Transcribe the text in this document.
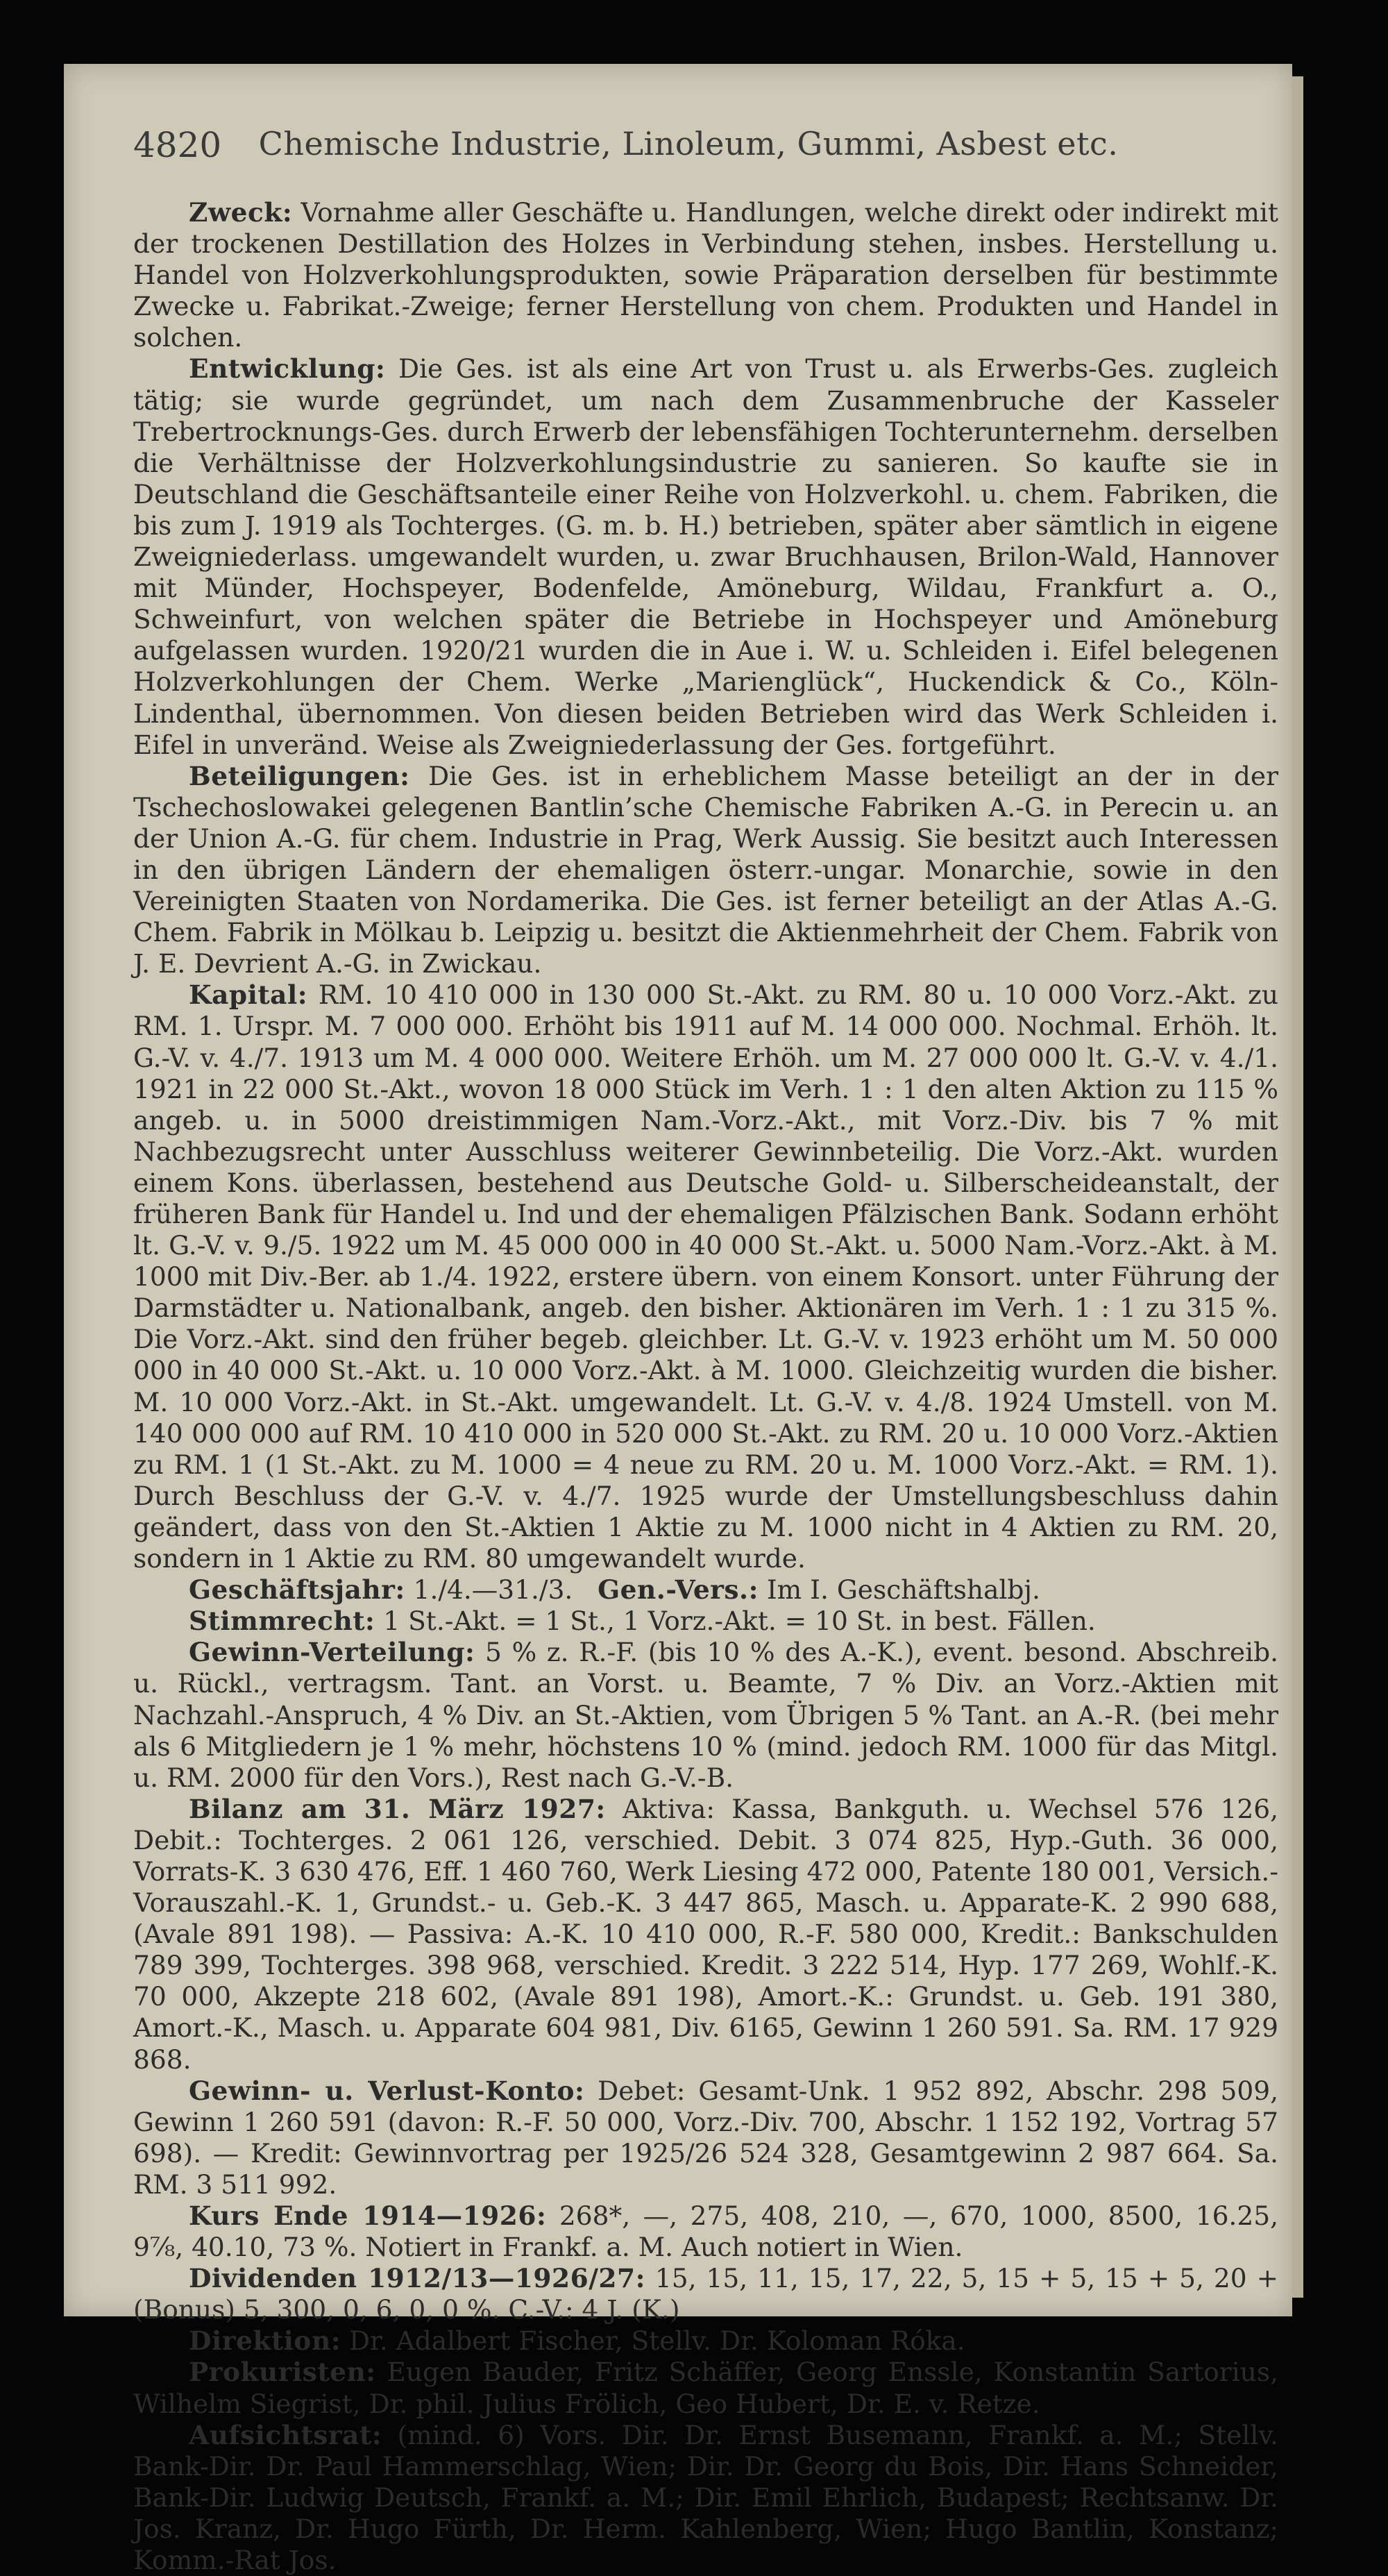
4820	Chemische Industrie, Linoleum, Gummi, Asbest etc.

Zweck: Vornahme aller Geschäfte u. Handlungen, welche direkt oder indirekt mit der trockenen Destillation des Holzes in Verbindung stehen, insbes. Herstellung u. Handel von Holzverkohlungsprodukten, sowie Präparation derselben für bestimmte Zwecke u. Fabrikat.-Zweige; ferner Herstellung von chem. Produkten und Handel in solchen.

Entwicklung: Die Ges. ist als eine Art von Trust u. als Erwerbs-Ges. zugleich tätig; sie wurde gegründet, um nach dem Zusammenbruche der Kasseler Trebertrocknungs-Ges. durch Erwerb der lebensfähigen Tochterunternehm. derselben die Verhältnisse der Holzverkohlungsindustrie zu sanieren. So kaufte sie in Deutschland die Geschäftsanteile einer Reihe von Holzverkohl. u. chem. Fabriken, die bis zum J. 1919 als Tochterges. (G. m. b. H.) betrieben, später aber sämtlich in eigene Zweigniederlass. umgewandelt wurden, u. zwar Bruchhausen, Brilon-Wald, Hannover mit Münder, Hochspeyer, Bodenfelde, Amöneburg, Wildau, Frankfurt a. O., Schweinfurt, von welchen später die Betriebe in Hochspeyer und Amöneburg aufgelassen wurden. 1920/21 wurden die in Aue i. W. u. Schleiden i. Eifel belegenen Holzverkohlungen der Chem. Werke „Marienglück“, Huckendick & Co., Köln-Lindenthal, übernommen. Von diesen beiden Betrieben wird das Werk Schleiden i. Eifel in unveränd. Weise als Zweigniederlassung der Ges. fortgeführt.

Beteiligungen: Die Ges. ist in erheblichem Masse beteiligt an der in der Tschechoslowakei gelegenen Bantlin’sche Chemische Fabriken A.-G. in Perecin u. an der Union A.-G. für chem. Industrie in Prag, Werk Aussig. Sie besitzt auch Interessen in den übrigen Ländern der ehemaligen österr.-ungar. Monarchie, sowie in den Vereinigten Staaten von Nordamerika. Die Ges. ist ferner beteiligt an der Atlas A.-G. Chem. Fabrik in Mölkau b. Leipzig u. besitzt die Aktienmehrheit der Chem. Fabrik von J. E. Devrient A.-G. in Zwickau.

Kapital: RM. 10 410 000 in 130 000 St.-Akt. zu RM. 80 u. 10 000 Vorz.-Akt. zu RM. 1. Urspr. M. 7 000 000. Erhöht bis 1911 auf M. 14 000 000. Nochmal. Erhöh. lt. G.-V. v. 4./7. 1913 um M. 4 000 000. Weitere Erhöh. um M. 27 000 000 lt. G.-V. v. 4./1. 1921 in 22 000 St.-Akt., wovon 18 000 Stück im Verh. 1 : 1 den alten Aktion zu 115 % angeb. u. in 5000 dreistimmigen Nam.-Vorz.-Akt., mit Vorz.-Div. bis 7 % mit Nachbezugsrecht unter Ausschluss weiterer Gewinnbeteilig. Die Vorz.-Akt. wurden einem Kons. überlassen, bestehend aus Deutsche Gold- u. Silberscheideanstalt, der früheren Bank für Handel u. Ind und der ehemaligen Pfälzischen Bank. Sodann erhöht lt. G.-V. v. 9./5. 1922 um M. 45 000 000 in 40 000 St.-Akt. u. 5000 Nam.-Vorz.-Akt. à M. 1000 mit Div.-Ber. ab 1./4. 1922, erstere übern. von einem Konsort. unter Führung der Darmstädter u. Nationalbank, angeb. den bisher. Aktionären im Verh. 1 : 1 zu 315 %. Die Vorz.-Akt. sind den früher begeb. gleichber. Lt. G.-V. v. 1923 erhöht um M. 50 000 000 in 40 000 St.-Akt. u. 10 000 Vorz.-Akt. à M. 1000. Gleichzeitig wurden die bisher. M. 10 000 Vorz.-Akt. in St.-Akt. umgewandelt. Lt. G.-V. v. 4./8. 1924 Umstell. von M. 140 000 000 auf RM. 10 410 000 in 520 000 St.-Akt. zu RM. 20 u. 10 000 Vorz.-Aktien zu RM. 1 (1 St.-Akt. zu M. 1000 = 4 neue zu RM. 20 u. M. 1000 Vorz.-Akt. = RM. 1). Durch Beschluss der G.-V. v. 4./7. 1925 wurde der Umstellungsbeschluss dahin geändert, dass von den St.-Aktien 1 Aktie zu M. 1000 nicht in 4 Aktien zu RM. 20, sondern in 1 Aktie zu RM. 80 umgewandelt wurde.

Geschäftsjahr: 1./4.—31./3. Gen.-Vers.: Im I. Geschäftshalbj.

Stimmrecht: 1 St.-Akt. = 1 St., 1 Vorz.-Akt. = 10 St. in best. Fällen.

Gewinn-Verteilung: 5 % z. R.-F. (bis 10 % des A.-K.), event. besond. Abschreib. u. Rückl., vertragsm. Tant. an Vorst. u. Beamte, 7 % Div. an Vorz.-Aktien mit Nachzahl.-Anspruch, 4 % Div. an St.-Aktien, vom Übrigen 5 % Tant. an A.-R. (bei mehr als 6 Mitgliedern je 1 % mehr, höchstens 10 % (mind. jedoch RM. 1000 für das Mitgl. u. RM. 2000 für den Vors.), Rest nach G.-V.-B.

Bilanz am 31. März 1927: Aktiva: Kassa, Bankguth. u. Wechsel 576 126, Debit.: Tochterges. 2 061 126, verschied. Debit. 3 074 825, Hyp.-Guth. 36 000, Vorrats-K. 3 630 476, Eff. 1 460 760, Werk Liesing 472 000, Patente 180 001, Versich.-Vorauszahl.-K. 1, Grundst.- u. Geb.-K. 3 447 865, Masch. u. Apparate-K. 2 990 688, (Avale 891 198). — Passiva: A.-K. 10 410 000, R.-F. 580 000, Kredit.: Bankschulden 789 399, Tochterges. 398 968, verschied. Kredit. 3 222 514, Hyp. 177 269, Wohlf.-K. 70 000, Akzepte 218 602, (Avale 891 198), Amort.-K.: Grundst. u. Geb. 191 380, Amort.-K., Masch. u. Apparate 604 981, Div. 6165, Gewinn 1 260 591. Sa. RM. 17 929 868.

Gewinn- u. Verlust-Konto: Debet: Gesamt-Unk. 1 952 892, Abschr. 298 509, Gewinn 1 260 591 (davon: R.-F. 50 000, Vorz.-Div. 700, Abschr. 1 152 192, Vortrag 57 698). — Kredit: Gewinnvortrag per 1925/26 524 328, Gesamtgewinn 2 987 664. Sa. RM. 3 511 992.

Kurs Ende 1914—1926: 268*, —, 275, 408, 210, —, 670, 1000, 8500, 16.25, 9⅞, 40.10, 73 %. Notiert in Frankf. a. M. Auch notiert in Wien.

Dividenden 1912/13—1926/27: 15, 15, 11, 15, 17, 22, 5, 15 + 5, 15 + 5, 20 + (Bonus) 5, 300, 0, 6, 0, 0 %. C.-V.: 4 J. (K.)

Direktion: Dr. Adalbert Fischer, Stellv. Dr. Koloman Róka.

Prokuristen: Eugen Bauder, Fritz Schäffer, Georg Enssle, Konstantin Sartorius, Wilhelm Siegrist, Dr. phil. Julius Frölich, Geo Hubert, Dr. E. v. Retze.

Aufsichtsrat: (mind. 6) Vors. Dir. Dr. Ernst Busemann, Frankf. a. M.; Stellv. Bank-Dir. Dr. Paul Hammerschlag, Wien; Dir. Dr. Georg du Bois, Dir. Hans Schneider, Bank-Dir. Ludwig Deutsch, Frankf. a. M.; Dir. Emil Ehrlich, Budapest; Rechtsanw. Dr. Jos. Kranz, Dr. Hugo Fürth, Dr. Herm. Kahlenberg, Wien; Hugo Bantlin, Konstanz; Komm.-Rat Jos.
